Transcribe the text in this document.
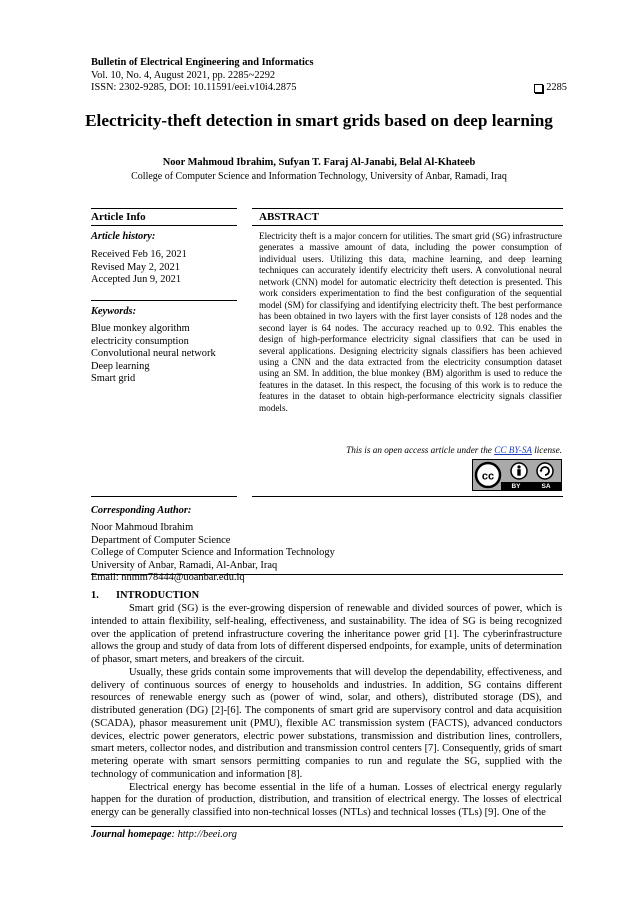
Bulletin of Electrical Engineering and Informatics
Vol. 10, No. 4, August 2021, pp. 2285~2292
ISSN: 2302-9285, DOI: 10.11591/eei.v10i4.2875	2285
Electricity-theft detection in smart grids based on deep learning
Noor Mahmoud Ibrahim, Sufyan T. Faraj Al-Janabi, Belal Al-Khateeb
College of Computer Science and Information Technology, University of Anbar, Ramadi, Iraq
Article Info	ABSTRACT
Article history:
Received Feb 16, 2021
Revised May 2, 2021
Accepted Jun 9, 2021
Keywords:
Blue monkey algorithm
electricity consumption
Convolutional neural network
Deep learning
Smart grid
Electricity theft is a major concern for utilities. The smart grid (SG) infrastructure generates a massive amount of data, including the power consumption of individual users. Utilizing this data, machine learning, and deep learning techniques can accurately identify electricity theft users. A convolutional neural network (CNN) model for automatic electricity theft detection is presented. This work considers experimentation to find the best configuration of the sequential model (SM) for classifying and identifying electricity theft. The best performance has been obtained in two layers with the first layer consists of 128 nodes and the second layer is 64 nodes. The accuracy reached up to 0.92. This enables the design of high-performance electricity signal classifiers that can be used in several applications. Designing electricity signals classifiers has been achieved using a CNN and the data extracted from the electricity consumption dataset using an SM. In addition, the blue monkey (BM) algorithm is used to reduce the features in the dataset. In this respect, the focusing of this work is to reduce the features in the dataset to obtain high-performance electricity signals classifier models.
This is an open access article under the CC BY-SA license.
cc
BY	SA
Corresponding Author:
Noor Mahmoud Ibrahim
Department of Computer Science
College of Computer Science and Information Technology
University of Anbar, Ramadi, Al-Anbar, Iraq
Email: nnmm78444@uoanbar.edu.iq
1. INTRODUCTION

Smart grid (SG) is the ever-growing dispersion of renewable and divided sources of power, which is intended to attain flexibility, self-healing, effectiveness, and sustainability. The idea of SG is being recognized over the application of pretend infrastructure covering the inheritance power grid [1]. The cyberinfrastructure allows the group and study of data from lots of different dispersed endpoints, for example, units of determination of phasor, smart meters, and breakers of the circuit.

Usually, these grids contain some improvements that will develop the dependability, effectiveness, and delivery of continuous sources of energy to households and industries. In addition, SG contains different resources of renewable energy such as (power of wind, solar, and others), distributed storage (DS), and distributed generation (DG) [2]-[6]. The components of smart grid are supervisory control and data acquisition (SCADA), phasor measurement unit (PMU), flexible AC transmission system (FACTS), advanced conductors devices, electric power generators, electric power substations, transmission and distribution lines, controllers, smart meters, collector nodes, and distribution and transmission control centers [7]. Consequently, grids of smart metering operate with smart sensors permitting companies to run and regulate the SG, supplied with the technology of communication and information [8].

Electrical energy has become essential in the life of a human. Losses of electrical energy regularly happen for the duration of production, distribution, and transition of electrical energy. The losses of electrical energy can be generally classified into non-technical losses (NTLs) and technical losses (TLs) [9]. One of the

Journal homepage: http://beei.org
